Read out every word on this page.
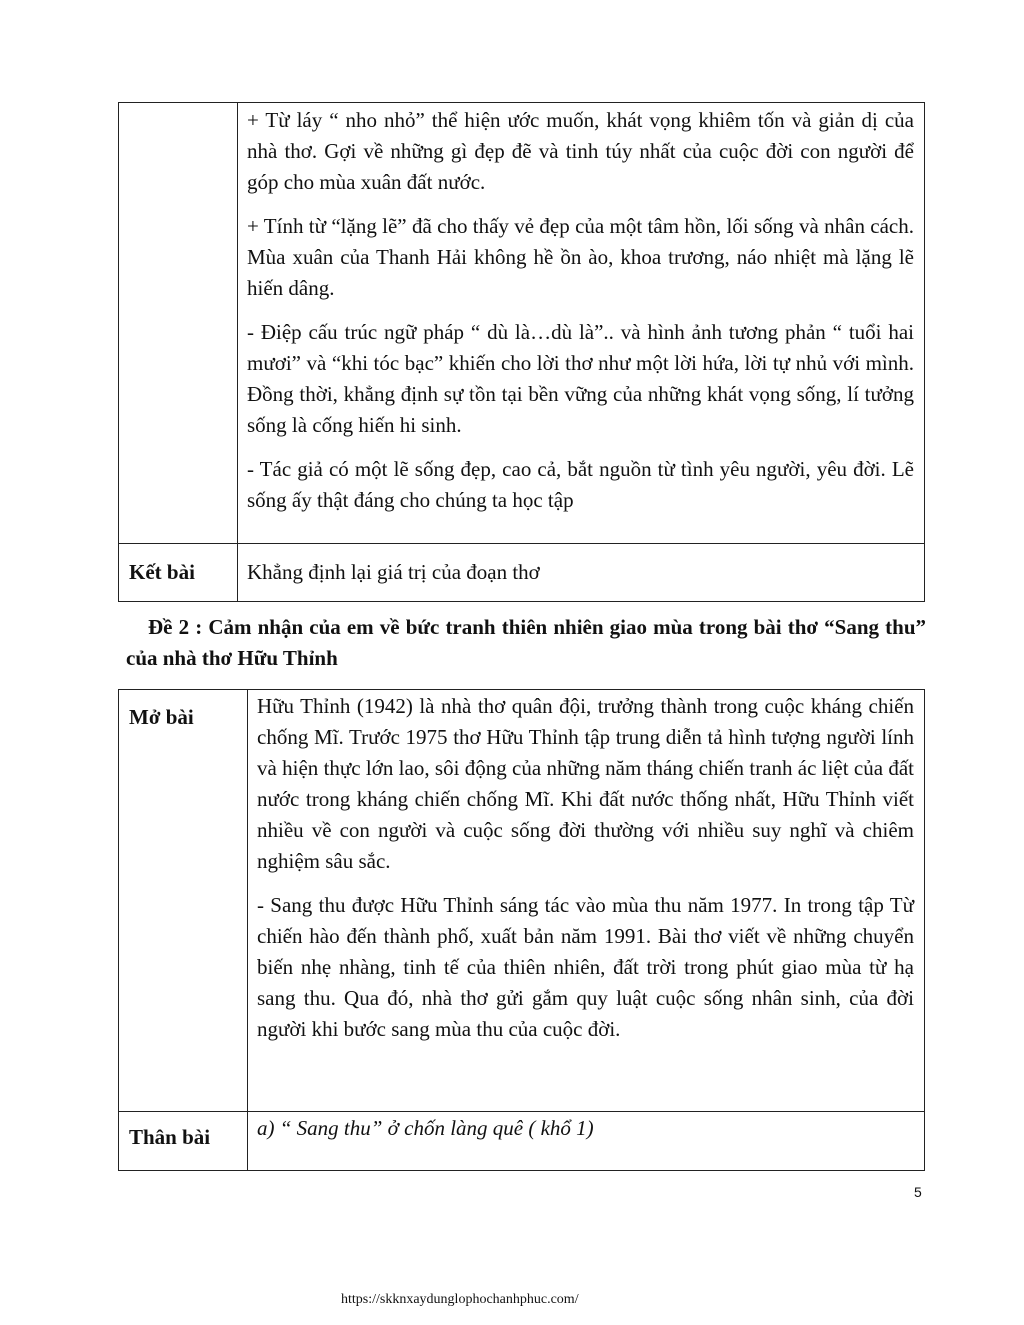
	+ Từ láy “ nho nhỏ” thể hiện ước muốn, khát vọng khiêm tốn và giản dị của nhà thơ. Gợi về những gì đẹp đẽ và tinh túy nhất của cuộc đời con người để góp cho mùa xuân đất nước.

+ Tính từ “lặng lẽ” đã cho thấy vẻ đẹp của một tâm hồn, lối sống và nhân cách. Mùa xuân của Thanh Hải không hề ồn ào, khoa trương, náo nhiệt mà lặng lẽ hiến dâng.

- Điệp cấu trúc ngữ pháp “ dù là…dù là”.. và hình ảnh tương phản “ tuổi hai mươi” và “khi tóc bạc” khiến cho lời thơ như một lời hứa, lời tự nhủ với mình. Đồng thời, khẳng định sự tồn tại bền vững của những khát vọng sống, lí tưởng sống là cống hiến hi sinh.

- Tác giả có một lẽ sống đẹp, cao cả, bắt nguồn từ tình yêu người, yêu đời. Lẽ sống ấy thật đáng cho chúng ta học tập

Kết bài	Khẳng định lại giá trị của đoạn thơ
Đề 2 : Cảm nhận của em về bức tranh thiên nhiên giao mùa trong bài thơ “Sang thu” của nhà thơ Hữu Thỉnh
Mở bài	Hữu Thỉnh (1942) là nhà thơ quân đội, trưởng thành trong cuộc kháng chiến chống Mĩ. Trước 1975 thơ Hữu Thỉnh tập trung diễn tả hình tượng người lính và hiện thực lớn lao, sôi động của những năm tháng chiến tranh ác liệt của đất nước trong kháng chiến chống Mĩ. Khi đất nước thống nhất, Hữu Thỉnh viết nhiều về con người và cuộc sống đời thường với nhiều suy nghĩ và chiêm nghiệm sâu sắc.

- Sang thu được Hữu Thỉnh sáng tác vào mùa thu năm 1977. In trong tập Từ chiến hào đến thành phố, xuất bản năm 1991. Bài thơ viết về những chuyển biến nhẹ nhàng, tinh tế của thiên nhiên, đất trời trong phút giao mùa từ hạ sang thu. Qua đó, nhà thơ gửi gắm quy luật cuộc sống nhân sinh, của đời người khi bước sang mùa thu của cuộc đời.

Thân bài	a) “ Sang thu” ở chốn làng quê ( khổ 1)
5
https://skknxaydunglophochanhphuc.com/
